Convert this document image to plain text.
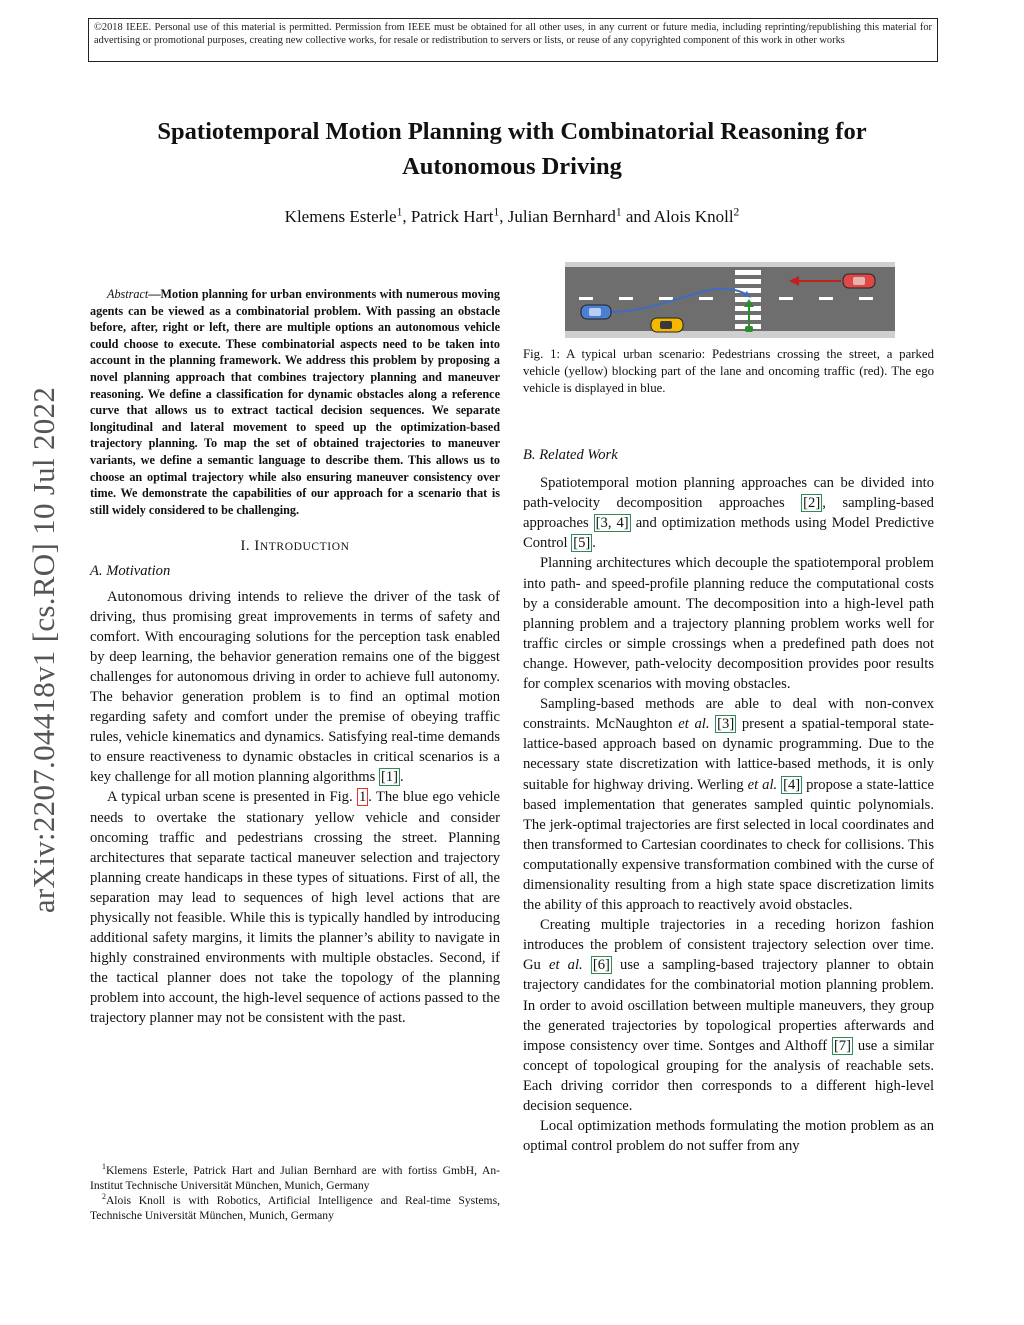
©2018 IEEE. Personal use of this material is permitted. Permission from IEEE must be obtained for all other uses, in any current or future media, including reprinting/republishing this material for advertising or promotional purposes, creating new collective works, for resale or redistribution to servers or lists, or reuse of any copyrighted component of this work in other works
arXiv:2207.04418v1 [cs.RO] 10 Jul 2022
Spatiotemporal Motion Planning with Combinatorial Reasoning for Autonomous Driving
Klemens Esterle$^1$, Patrick Hart$^1$, Julian Bernhard$^1$ and Alois Knoll$^2$

Abstract—Motion planning for urban environments with numerous moving agents can be viewed as a combinatorial problem. With passing an obstacle before, after, right or left, there are multiple options an autonomous vehicle could choose to execute. These combinatorial aspects need to be taken into account in the planning framework. We address this problem by proposing a novel planning approach that combines trajectory planning and maneuver reasoning. We define a classification for dynamic obstacles along a reference curve that allows us to extract tactical decision sequences. We separate longitudinal and lateral movement to speed up the optimization-based trajectory planning. To map the set of obtained trajectories to maneuver variants, we define a semantic language to describe them. This allows us to choose an optimal trajectory while also ensuring maneuver consistency over time. We demonstrate the capabilities of our approach for a scenario that is still widely considered to be challenging.

I. INTRODUCTION
A. Motivation

Autonomous driving intends to relieve the driver of the task of driving, thus promising great improvements in terms of safety and comfort. With encouraging solutions for the perception task enabled by deep learning, the behavior generation remains one of the biggest challenges for autonomous driving in order to achieve full autonomy. The behavior generation problem is to find an optimal motion regarding safety and comfort under the premise of obeying traffic rules, vehicle kinematics and dynamics. Satisfying real-time demands to ensure reactiveness to dynamic obstacles in critical scenarios is a key challenge for all motion planning algorithms [1] .

A typical urban scene is presented in Fig. 1 . The blue ego vehicle needs to overtake the stationary yellow vehicle and consider oncoming traffic and pedestrians crossing the street. Planning architectures that separate tactical maneuver selection and trajectory planning create handicaps in these types of situations. First of all, the separation may lead to sequences of high level actions that are physically not feasible. While this is typically handled by introducing additional safety margins, it limits the planner’s ability to navigate in highly constrained environments with multiple obstacles. Second, if the tactical planner does not take the topology of the planning problem into account, the high-level sequence of actions passed to the trajectory planner may not be consistent with the past.

$^1$Klemens Esterle, Patrick Hart and Julian Bernhard are with fortiss GmbH, An-Institut Technische Universität München, Munich, Germany

$^2$Alois Knoll is with Robotics, Artificial Intelligence and Real-time Systems, Technische Universität München, Munich, Germany

Fig. 1: A typical urban scenario: Pedestrians crossing the street, a parked vehicle (yellow) blocking part of the lane and oncoming traffic (red). The ego vehicle is displayed in blue.
B. Related Work

Spatiotemporal motion planning approaches can be divided into path-velocity decomposition approaches [2] , sampling-based approaches [3, 4] and optimization methods using Model Predictive Control [5] .

Planning architectures which decouple the spatiotemporal problem into path- and speed-profile planning reduce the computational costs by a considerable amount. The decomposition into a high-level path planning problem and a trajectory planning problem works well for traffic circles or simple crossings when a predefined path does not change. However, path-velocity decomposition provides poor results for complex scenarios with moving obstacles.

Sampling-based methods are able to deal with non-convex constraints. McNaughton et al. [3] present a spatial-temporal state-lattice-based approach based on dynamic programming. Due to the necessary state discretization with lattice-based methods, it is only suitable for highway driving. Werling et al. [4] propose a state-lattice based implementation that generates sampled quintic polynomials. The jerk-optimal trajectories are first selected in local coordinates and then transformed to Cartesian coordinates to check for collisions. This computationally expensive transformation combined with the curse of dimensionality resulting from a high state space discretization limits the ability of this approach to reactively avoid obstacles.

Creating multiple trajectories in a receding horizon fashion introduces the problem of consistent trajectory selection over time. Gu et al. [6] use a sampling-based trajectory planner to obtain trajectory candidates for the combinatorial motion planning problem. In order to avoid oscillation between multiple maneuvers, they group the generated trajectories by topological properties afterwards and impose consistency over time. Sontges and Althoff [7] use a similar concept of topological grouping for the analysis of reachable sets. Each driving corridor then corresponds to a different high-level decision sequence.

Local optimization methods formulating the motion problem as an optimal control problem do not suffer from any
